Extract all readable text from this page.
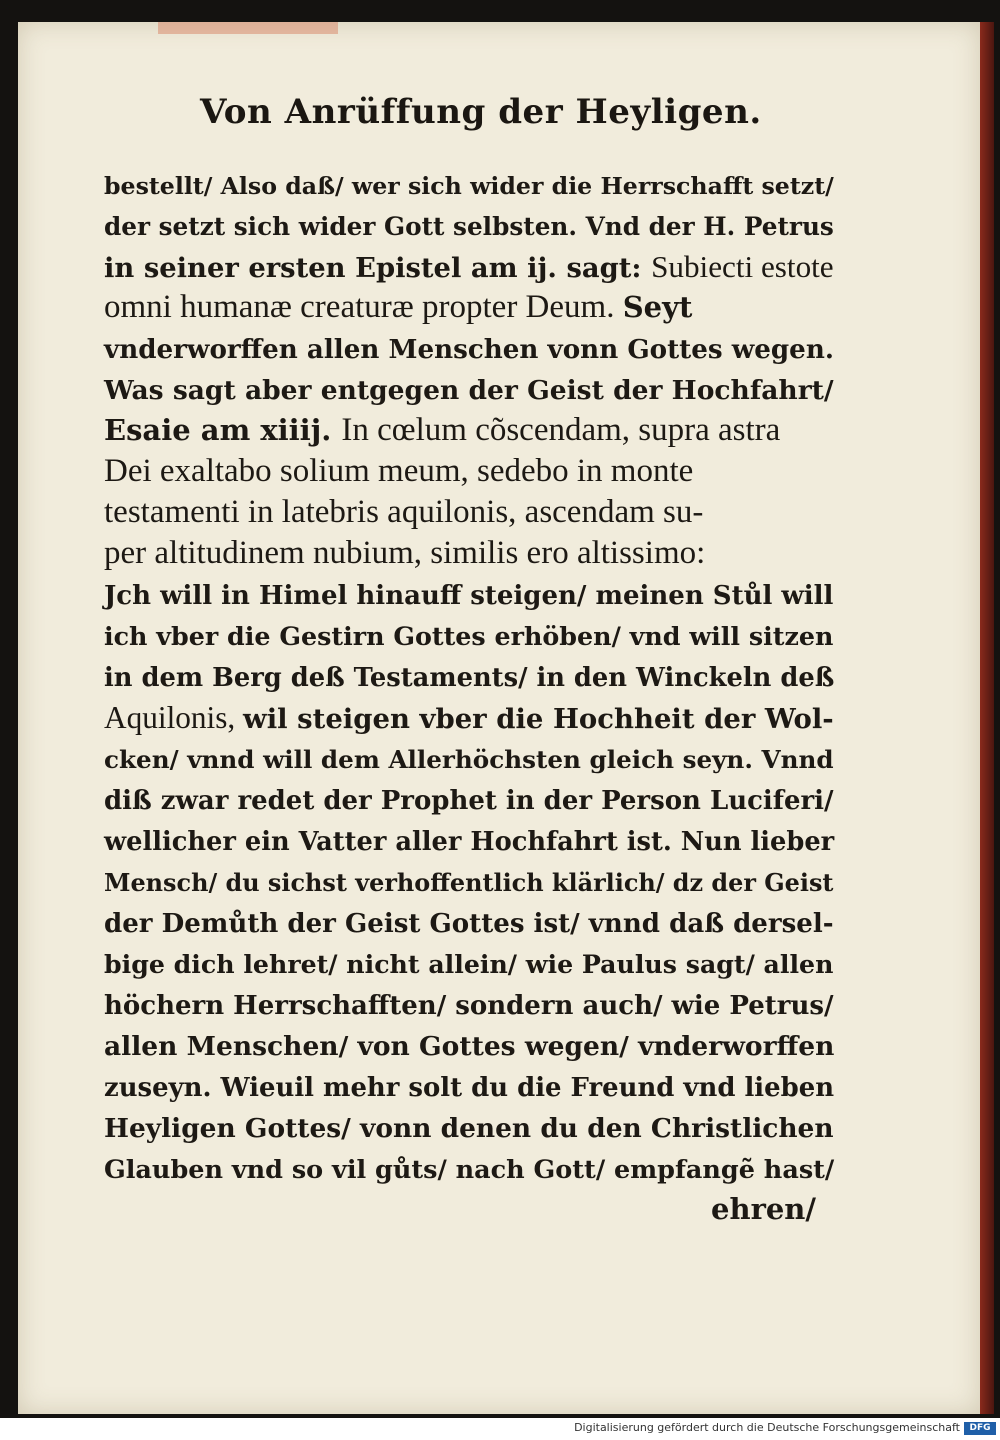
Von Anrüffung der Heyligen.
bestellt/ Also daß/ wer sich wider die Herrschafft setzt/
der setzt sich wider Gott selbsten. Vnd der H. Petrus
in seiner ersten Epistel am ij. sagt: Subiecti estote
omni humanæ creaturæ propter Deum. Seyt
vnderworffen allen Menschen vonn Gottes wegen.
Was sagt aber entgegen der Geist der Hochfahrt/
Esaie am xiiij. In cœlum cõscendam, supra astra
Dei exaltabo solium meum, sedebo in monte
testamenti in latebris aquilonis, ascendam su-
per altitudinem nubium, similis ero altissimo:
Jch will in Himel hinauff steigen/ meinen Stůl will
ich vber die Gestirn Gottes erhöben/ vnd will sitzen
in dem Berg deß Testaments/ in den Winckeln deß
Aquilonis, wil steigen vber die Hochheit der Wol-
cken/ vnnd will dem Allerhöchsten gleich seyn. Vnnd
diß zwar redet der Prophet in der Person Luciferi/
wellicher ein Vatter aller Hochfahrt ist. Nun lieber
Mensch/ du sichst verhoffentlich klärlich/ dz der Geist
der Demůth der Geist Gottes ist/ vnnd daß dersel-
bige dich lehret/ nicht allein/ wie Paulus sagt/ allen
höchern Herrschafften/ sondern auch/ wie Petrus/
allen Menschen/ von Gottes wegen/ vnderworffen
zuseyn. Wieuil mehr solt du die Freund vnd lieben
Heyligen Gottes/ vonn denen du den Christlichen
Glauben vnd so vil gůts/ nach Gott/ empfangẽ hast/
ehren/
Digitalisierung gefördert durch die Deutsche Forschungsgemeinschaft	DFG
